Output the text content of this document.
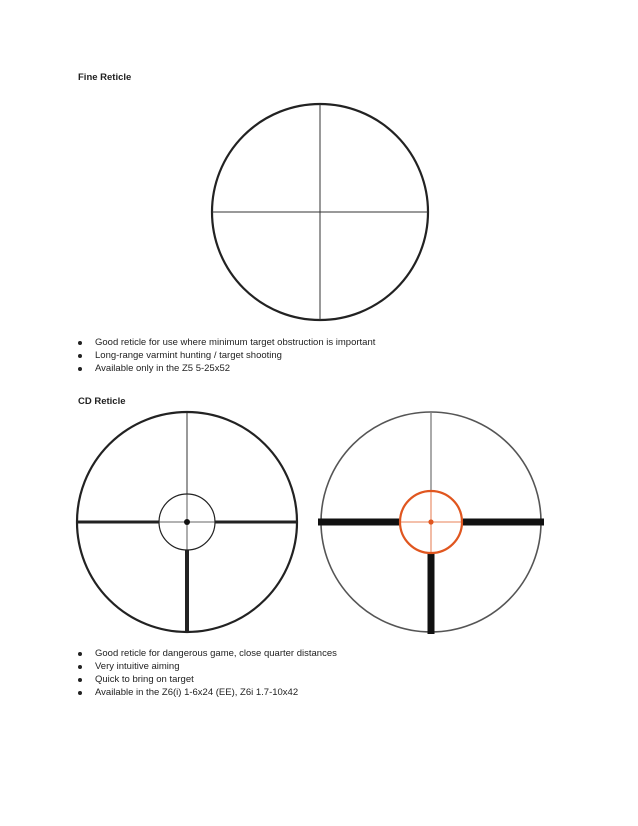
Fine Reticle
Good reticle for use where minimum target obstruction is important
Long-range varmint hunting / target shooting
Available only in the Z5 5-25x52
CD Reticle
Good reticle for dangerous game, close quarter distances
Very intuitive aiming
Quick to bring on target
Available in the Z6(i) 1-6x24 (EE), Z6i 1.7-10x42
